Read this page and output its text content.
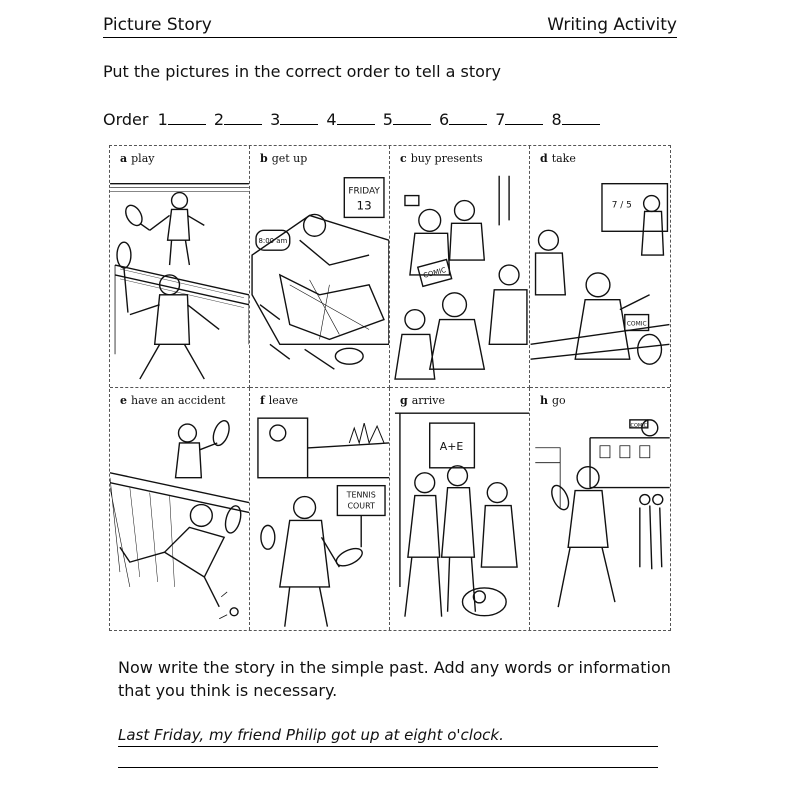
Picture Story	Writing Activity
Put the pictures in the correct order to tell a story
Order 1	2	3	4	5	6	7	8
a play	b get up
FRIDAY
13
8:00 am
c buy presents
COMIC
d take
7 / 5
COMIC
e have an accident	f leave
TENNIS
COURT
g arrive
A+E
h go
COMIC
Now write the story in the simple past. Add any words or information that you think is necessary.
Last Friday, my friend Philip got up at eight o'clock.
